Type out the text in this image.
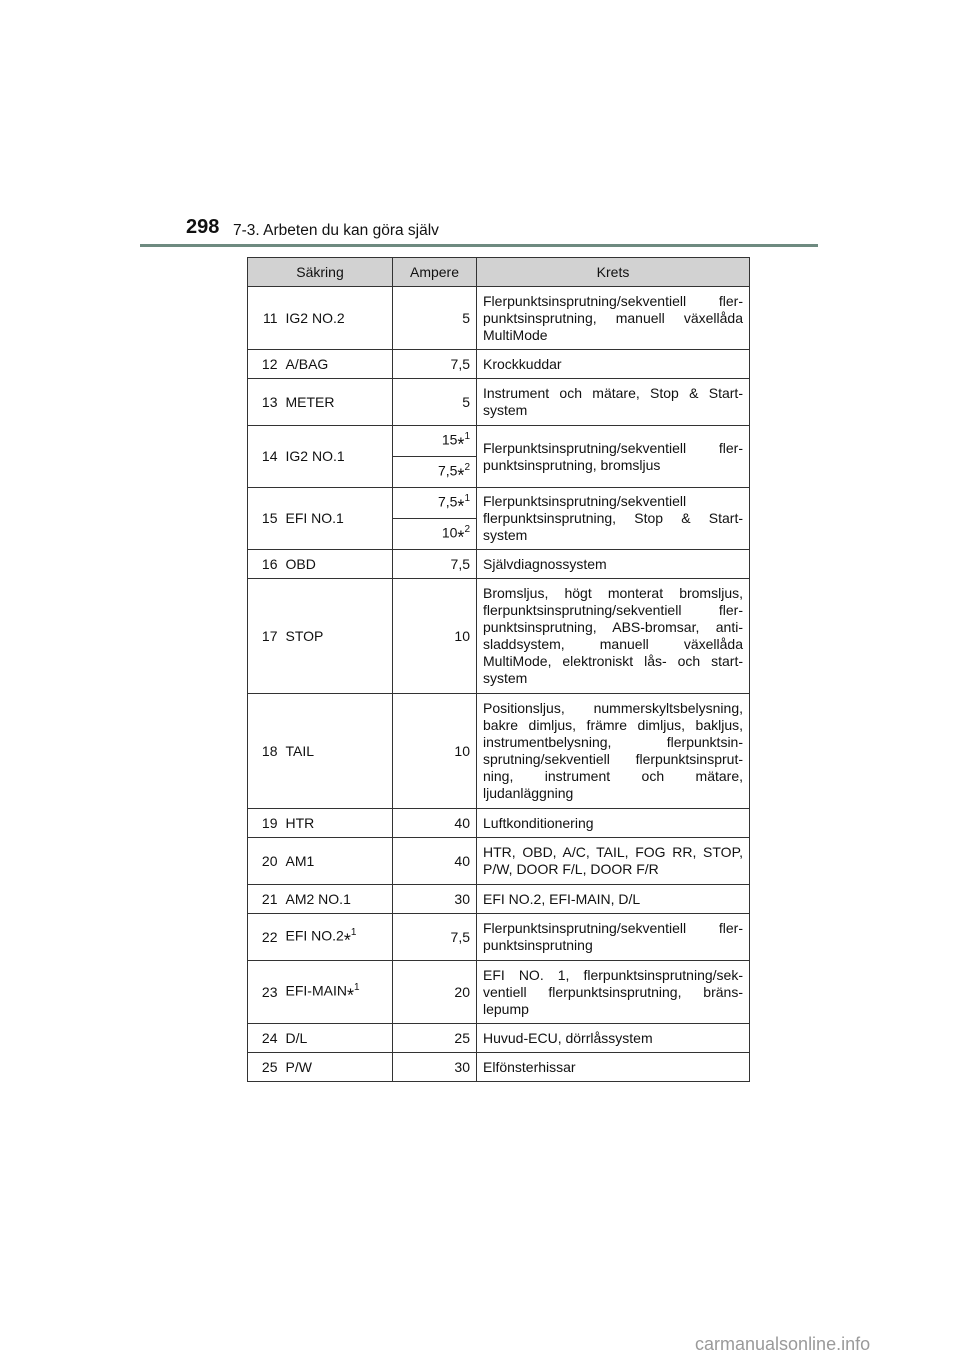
298 7-3. Arbeten du kan göra själv
Säkring		Ampere	Krets
11	IG2 NO.2	5	Flerpunktsinsprutning/sekventiell fler-punktsinsprutning, manuell växellåda MultiMode
12	A/BAG	7,5	Krockkuddar
13	METER	5	Instrument och mätare, Stop & Start-system
14	IG2 NO.1	15*$^1$	Flerpunktsinsprutning/sekventiell fler-punktsinsprutning, bromsljus
		7,5*$^2$
15	EFI NO.1	7,5*$^1$	Flerpunktsinsprutning/sekventiell flerpunktsinsprutning, Stop & Start-system
		10*$^2$
16	OBD	7,5	Självdiagnossystem
17	STOP	10	Bromsljus, högt monterat bromsljus, flerpunktsinsprutning/sekventiell fler-punktsinsprutning, ABS-bromsar, anti-sladdsystem, manuell växellåda MultiMode, elektroniskt lås- och start-system
18	TAIL	10	Positionsljus, nummerskyltsbelysning, bakre dimljus, främre dimljus, bakljus, instrumentbelysning, flerpunktsin-sprutning/sekventiell flerpunktsinsprut-ning, instrument och mätare, ljudanläggning
19	HTR	40	Luftkonditionering
20	AM1	40	HTR, OBD, A/C, TAIL, FOG RR, STOP, P/W, DOOR F/L, DOOR F/R
21	AM2 NO.1	30	EFI NO.2, EFI-MAIN, D/L
22	EFI NO.2*$^1$	7,5	Flerpunktsinsprutning/sekventiell fler-punktsinsprutning
23	EFI-MAIN*$^1$	20	EFI NO. 1, flerpunktsinsprutning/sek-ventiell flerpunktsinsprutning, bräns-lepump
24	D/L	25	Huvud-ECU, dörrlåssystem
25	P/W	30	Elfönsterhissar
carmanualsonline.info
